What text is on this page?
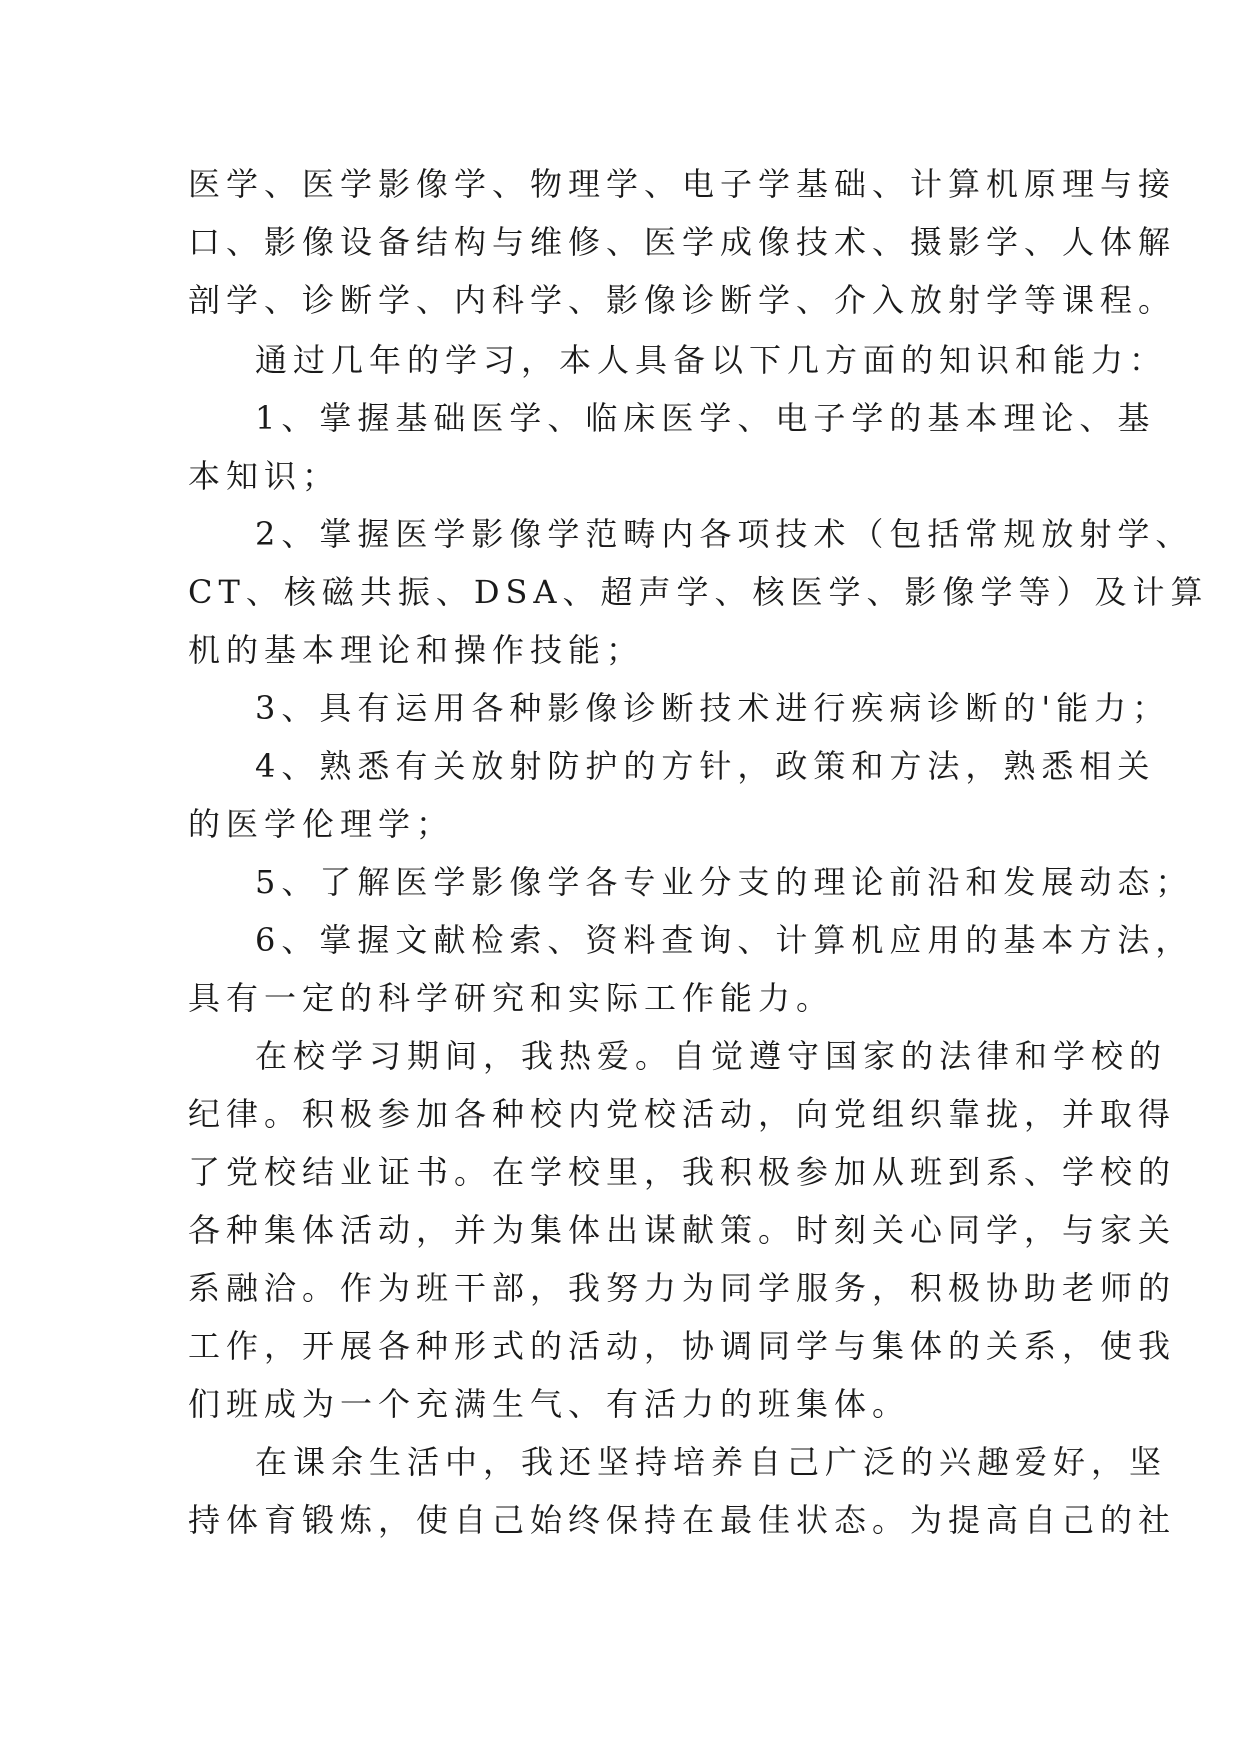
医学、医学影像学、物理学、电子学基础、计算机原理与接
口、影像设备结构与维修、医学成像技术、摄影学、人体解
剖学、诊断学、内科学、影像诊断学、介入放射学等课程。
通过几年的学习，本人具备以下几方面的知识和能力：
1、掌握基础医学、临床医学、电子学的基本理论、基
本知识；
2、掌握医学影像学范畴内各项技术（包括常规放射学、
CT、核磁共振、DSA、超声学、核医学、影像学等）及计算
机的基本理论和操作技能；
3、具有运用各种影像诊断技术进行疾病诊断的'能力；
4、熟悉有关放射防护的方针，政策和方法，熟悉相关
的医学伦理学；
5、了解医学影像学各专业分支的理论前沿和发展动态；
6、掌握文献检索、资料查询、计算机应用的基本方法，
具有一定的科学研究和实际工作能力。
在校学习期间，我热爱。自觉遵守国家的法律和学校的
纪律。积极参加各种校内党校活动，向党组织靠拢，并取得
了党校结业证书。在学校里，我积极参加从班到系、学校的
各种集体活动，并为集体出谋献策。时刻关心同学，与家关
系融洽。作为班干部，我努力为同学服务，积极协助老师的
工作，开展各种形式的活动，协调同学与集体的关系，使我
们班成为一个充满生气、有活力的班集体。
在课余生活中，我还坚持培养自己广泛的兴趣爱好，坚
持体育锻炼，使自己始终保持在最佳状态。为提高自己的社
